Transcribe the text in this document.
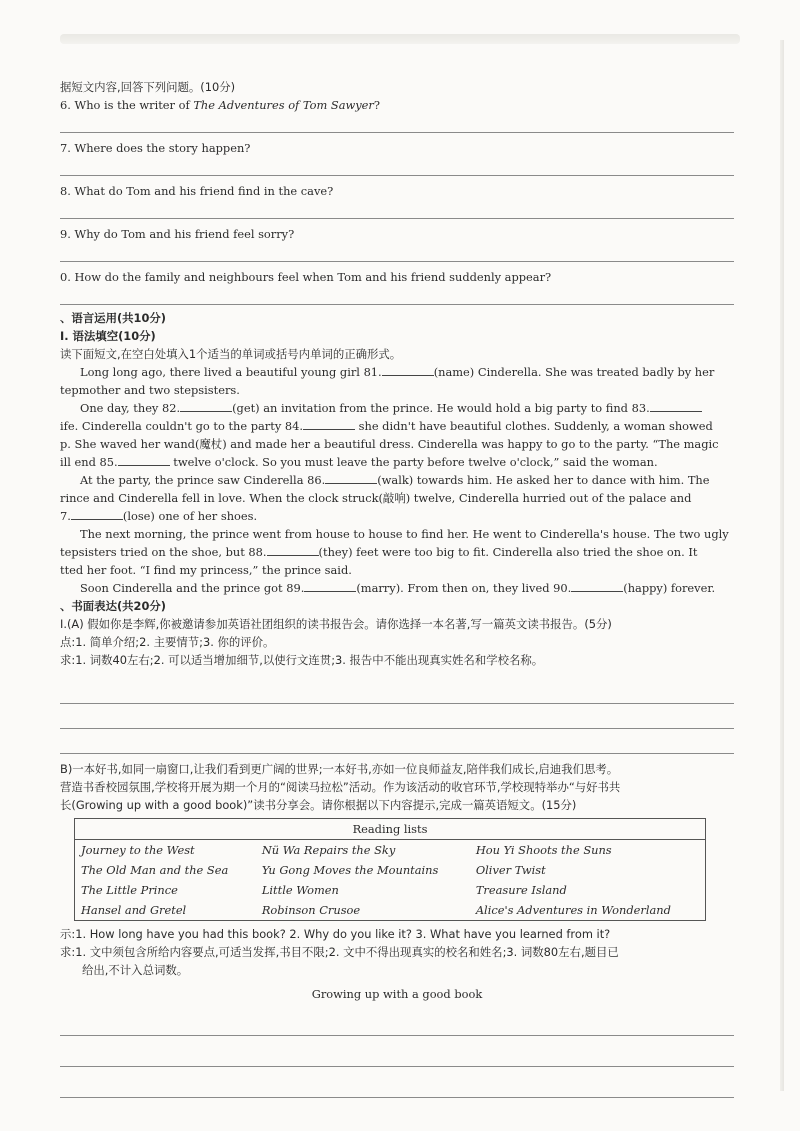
据短文内容,回答下列问题。(10分)
6. Who is the writer of The Adventures of Tom Sawyer?
7. Where does the story happen?
8. What do Tom and his friend find in the cave?
9. Why do Tom and his friend feel sorry?
0. How do the family and neighbours feel when Tom and his friend suddenly appear?
、语言运用(共10分)
I. 语法填空(10分)
读下面短文,在空白处填入1个适当的单词或括号内单词的正确形式。
Long long ago, there lived a beautiful young girl 81.	(name) Cinderella. She was treated badly by her
tepmother and two stepsisters.
One day, they 82.	(get) an invitation from the prince. He would hold a big party to find 83.
ife. Cinderella couldn't go to the party 84.	she didn't have beautiful clothes. Suddenly, a woman showed
p. She waved her wand(魔杖) and made her a beautiful dress. Cinderella was happy to go to the party. “The magic
ill end 85.	twelve o'clock. So you must leave the party before twelve o'clock,” said the woman.
At the party, the prince saw Cinderella 86.	(walk) towards him. He asked her to dance with him. The
rince and Cinderella fell in love. When the clock struck(敲响) twelve, Cinderella hurried out of the palace and
7.	(lose) one of her shoes.
The next morning, the prince went from house to house to find her. He went to Cinderella's house. The two ugly
tepsisters tried on the shoe, but 88.	(they) feet were too big to fit. Cinderella also tried the shoe on. It
tted her foot. “I find my princess,” the prince said.
Soon Cinderella and the prince got 89.	(marry). From then on, they lived 90.	(happy) forever.
、书面表达(共20分)
I.(A) 假如你是李辉,你被邀请参加英语社团组织的读书报告会。请你选择一本名著,写一篇英文读书报告。(5分)
点:1. 简单介绍;2. 主要情节;3. 你的评价。
求:1. 词数40左右;2. 可以适当增加细节,以使行文连贯;3. 报告中不能出现真实姓名和学校名称。
B)一本好书,如同一扇窗口,让我们看到更广阔的世界;一本好书,亦如一位良师益友,陪伴我们成长,启迪我们思考。
营造书香校园氛围,学校将开展为期一个月的“阅读马拉松”活动。作为该活动的收官环节,学校现特举办“与好书共
长(Growing up with a good book)”读书分享会。请你根据以下内容提示,完成一篇英语短文。(15分)
Reading lists		
Journey to the West	Nü Wa Repairs the Sky	Hou Yi Shoots the Suns
The Old Man and the Sea	Yu Gong Moves the Mountains	Oliver Twist
The Little Prince	Little Women	Treasure Island
Hansel and Gretel	Robinson Crusoe	Alice's Adventures in Wonderland
示:1. How long have you had this book? 2. Why do you like it? 3. What have you learned from it?
求:1. 文中须包含所给内容要点,可适当发挥,书目不限;2. 文中不得出现真实的校名和姓名;3. 词数80左右,题目已
给出,不计入总词数。
Growing up with a good book
